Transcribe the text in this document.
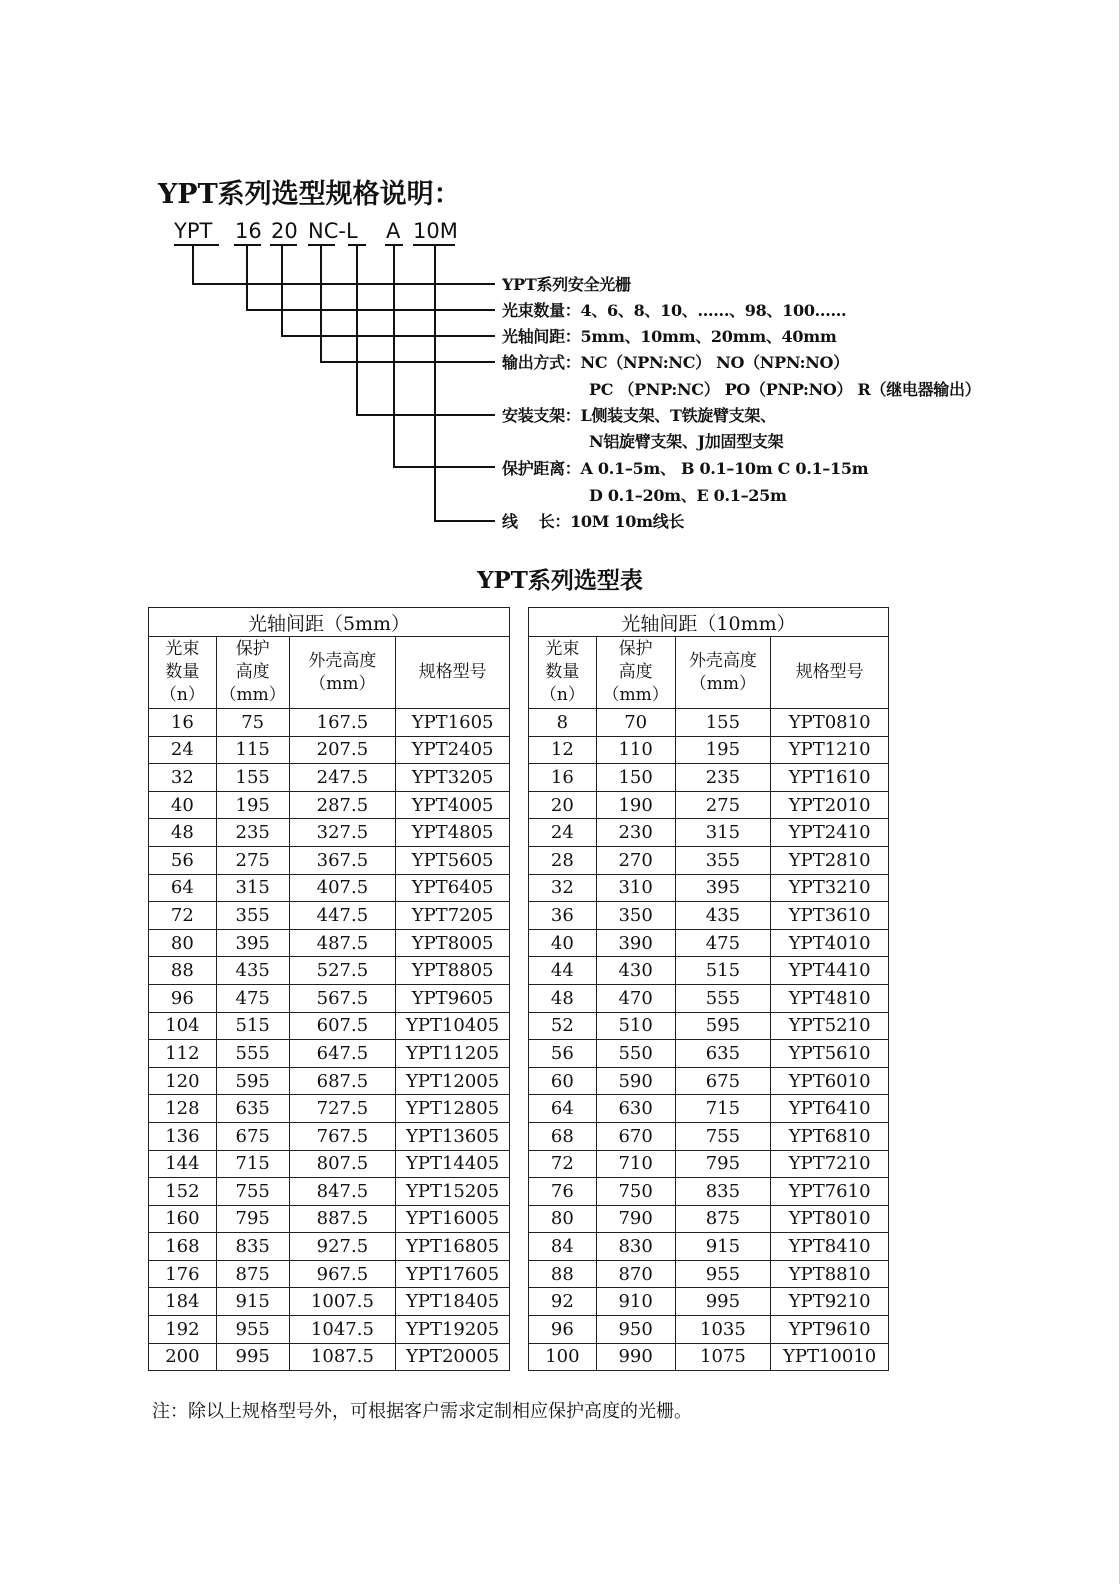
YPT系列选型规格说明：
YPT 16 20 NC-L A 10M
YPT系列安全光栅
光束数量：4、6、8、10、......、98、100......
光轴间距：5mm、10mm、20mm、40mm
输出方式：NC（NPN:NC） NO（NPN:NO）
PC （PNP:NC） PO（PNP:NO） R（继电器输出）
安装支架：L侧装支架、T铁旋臂支架、
N铝旋臂支架、J加固型支架
保护距离：A 0.1–5m、 B 0.1–10m C 0.1–15m
D 0.1–20m、E 0.1–25m
线　 长：10M 10m线长
YPT系列选型表
光轴间距（5mm）			
光束
数量
（n）	保护
高度
（mm）	外壳高度
（mm）	规格型号
16	75	167.5	YPT1605
24	115	207.5	YPT2405
32	155	247.5	YPT3205
40	195	287.5	YPT4005
48	235	327.5	YPT4805
56	275	367.5	YPT5605
64	315	407.5	YPT6405
72	355	447.5	YPT7205
80	395	487.5	YPT8005
88	435	527.5	YPT8805
96	475	567.5	YPT9605
104	515	607.5	YPT10405
112	555	647.5	YPT11205
120	595	687.5	YPT12005
128	635	727.5	YPT12805
136	675	767.5	YPT13605
144	715	807.5	YPT14405
152	755	847.5	YPT15205
160	795	887.5	YPT16005
168	835	927.5	YPT16805
176	875	967.5	YPT17605
184	915	1007.5	YPT18405
192	955	1047.5	YPT19205
200	995	1087.5	YPT20005
光轴间距（10mm）			
光束
数量
（n）	保护
高度
（mm）	外壳高度
（mm）	规格型号
8	70	155	YPT0810
12	110	195	YPT1210
16	150	235	YPT1610
20	190	275	YPT2010
24	230	315	YPT2410
28	270	355	YPT2810
32	310	395	YPT3210
36	350	435	YPT3610
40	390	475	YPT4010
44	430	515	YPT4410
48	470	555	YPT4810
52	510	595	YPT5210
56	550	635	YPT5610
60	590	675	YPT6010
64	630	715	YPT6410
68	670	755	YPT6810
72	710	795	YPT7210
76	750	835	YPT7610
80	790	875	YPT8010
84	830	915	YPT8410
88	870	955	YPT8810
92	910	995	YPT9210
96	950	1035	YPT9610
100	990	1075	YPT10010
注：除以上规格型号外，可根据客户需求定制相应保护高度的光栅。
